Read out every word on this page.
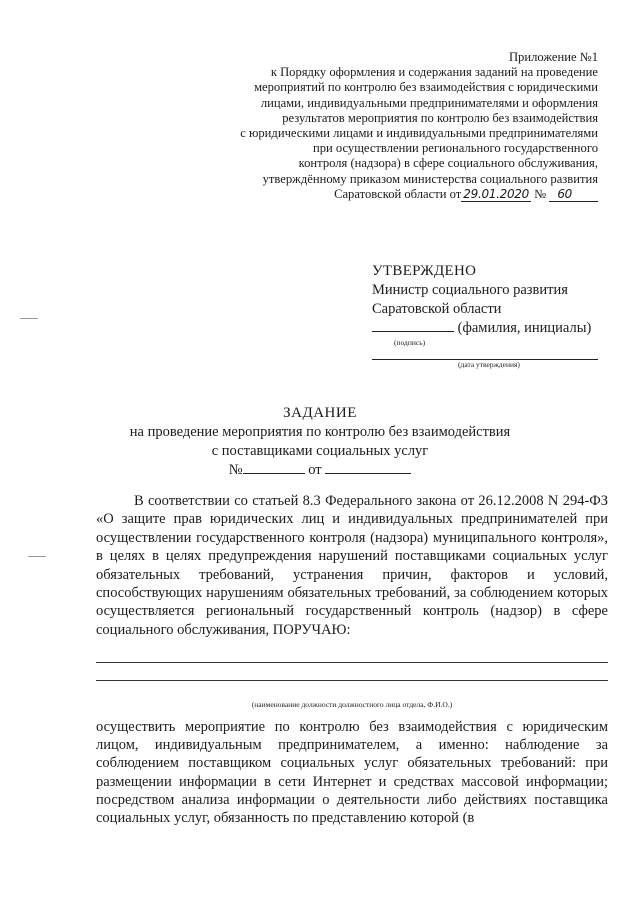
Приложение №1
к Порядку оформления и содержания заданий на проведение
мероприятий по контролю без взаимодействия с юридическими
лицами, индивидуальными предпринимателями и оформления
результатов мероприятия по контролю без взаимодействия
с юридическими лицами и индивидуальными предпринимателями
при осуществлении регионального государственного
контроля (надзора) в сфере социального обслуживания,
утверждённому приказом министерства социального развития
Саратовской области от 29.01.2020 № 60
УТВЕРЖДЕНО
Министр социального развития
Саратовской области
(фамилия, инициалы)
(подпись)
(дата утверждения)
ЗАДАНИЕ
на проведение мероприятия по контролю без взаимодействия
с поставщиками социальных услуг
№	от

В соответствии со статьей 8.3 Федерального закона от 26.12.2008 N 294-ФЗ «О защите прав юридических лиц и индивидуальных предпринимателей при осуществлении государственного контроля (надзора) муниципального контроля», в целях в целях предупреждения нарушений поставщиками социальных услуг обязательных требований, устранения причин, факторов и условий, способствующих нарушениям обязательных требований, за соблюдением которых осуществляется региональный государственный контроль (надзор) в сфере социального обслуживания, ПОРУЧАЮ:

(наименование должности должностного лица отдела, Ф.И.О.)

осуществить мероприятие по контролю без взаимодействия с юридическим лицом, индивидуальным предпринимателем, а именно: наблюдение за соблюдением поставщиком социальных услуг обязательных требований: при размещении информации в сети Интернет и средствах массовой информации; посредством анализа информации о деятельности либо действиях поставщика социальных услуг, обязанность по представлению которой (в
